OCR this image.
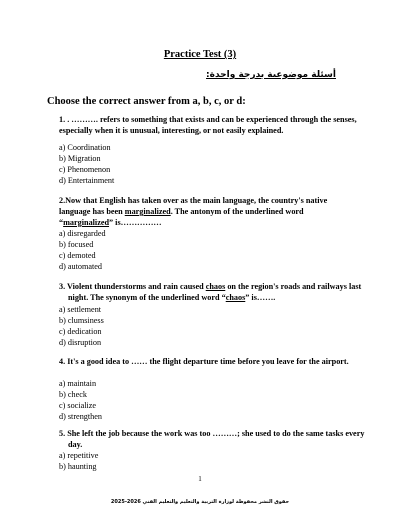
Practice Test (3)
أسئلة موضوعية بدرجة واحدة:
Choose the correct answer from a, b, c, or d:
1. . ………. refers to something that exists and can be experienced through the senses, especially when it is unusual, interesting, or not easily explained.
a) Coordination
b) Migration
c) Phenomenon
d) Entertainment
2.Now that English has taken over as the main language, the country's native language has been marginalized. The antonym of the underlined word “marginalized” is……………
a) disregarded
b) focused
c) demoted
d) automated
3. Violent thunderstorms and rain caused chaos on the region's roads and railways last night. The synonym of the underlined word “chaos” is…….
a) settlement
b) clumsiness
c) dedication
d) disruption
4. It's a good idea to …… the flight departure time before you leave for the airport.
a) maintain
b) check
c) socialize
d) strengthen
5. She left the job because the work was too ………; she used to do the same tasks every day.
a) repetitive
b) haunting
1
حقوق النشر محفوظة لوزارة التربية والتعليم والتعليم الفني 2026-2025
